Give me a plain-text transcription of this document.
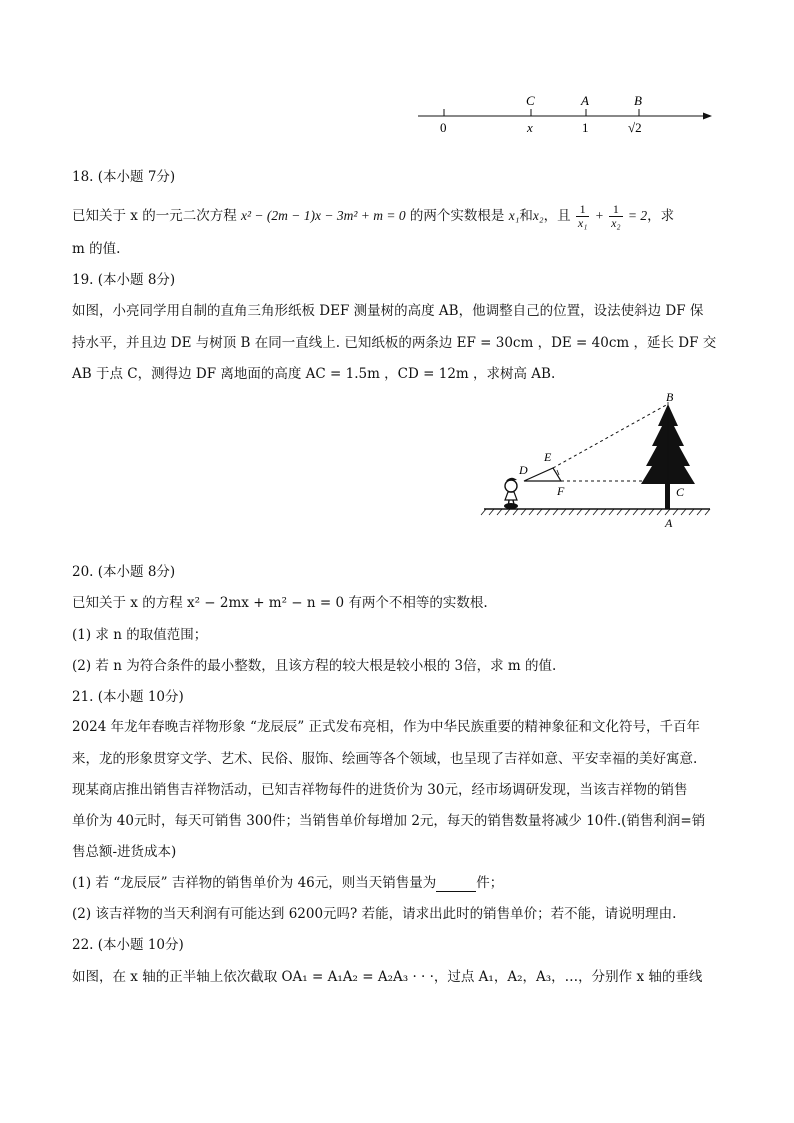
C	A	B
0	x	1	√2
18. (本小题 7分)
已知关于 x 的一元二次方程 x² − (2m − 1)x − 3m² + m = 0 的两个实数根是 x₁和x₂，且 $\frac{1}{\text{x₁}} + \frac{1}{\text{x₂}} = 2$，求
m 的值.
19. (本小题 8分)
如图，小亮同学用自制的直角三角形纸板 DEF 测量树的高度 AB，他调整自己的位置，设法使斜边 DF 保
持水平，并且边 DE 与树顶 B 在同一直线上. 已知纸板的两条边 EF = 30cm ，DE = 40cm ，延长 DF 交
AB 于点 C，测得边 DF 离地面的高度 AC = 1.5m ，CD = 12m ，求树高 AB.
B
E
D
F	C
A
20. (本小题 8分)
已知关于 x 的方程 x² − 2mx + m² − n = 0 有两个不相等的实数根.
(1) 求 n 的取值范围；
(2) 若 n 为符合条件的最小整数，且该方程的较大根是较小根的 3倍，求 m 的值.
21. (本小题 10分)
2024 年龙年春晚吉祥物形象 “龙辰辰” 正式发布亮相，作为中华民族重要的精神象征和文化符号，千百年
来，龙的形象贯穿文学、艺术、民俗、服饰、绘画等各个领域，也呈现了吉祥如意、平安幸福的美好寓意.
现某商店推出销售吉祥物活动，已知吉祥物每件的进货价为 30元，经市场调研发现，当该吉祥物的销售
单价为 40元时，每天可销售 300件；当销售单价每增加 2元，每天的销售数量将减少 10件.(销售利润=销
售总额-进货成本)
(1) 若 “龙辰辰” 吉祥物的销售单价为 46元，则当天销售量为	件；
(2) 该吉祥物的当天利润有可能达到 6200元吗? 若能，请求出此时的销售单价；若不能，请说明理由.
22. (本小题 10分)
如图，在 x 轴的正半轴上依次截取 OA₁ = A₁A₂ = A₂A₃ · · ·，过点 A₁，A₂，A₃，…，分别作 x 轴的垂线
